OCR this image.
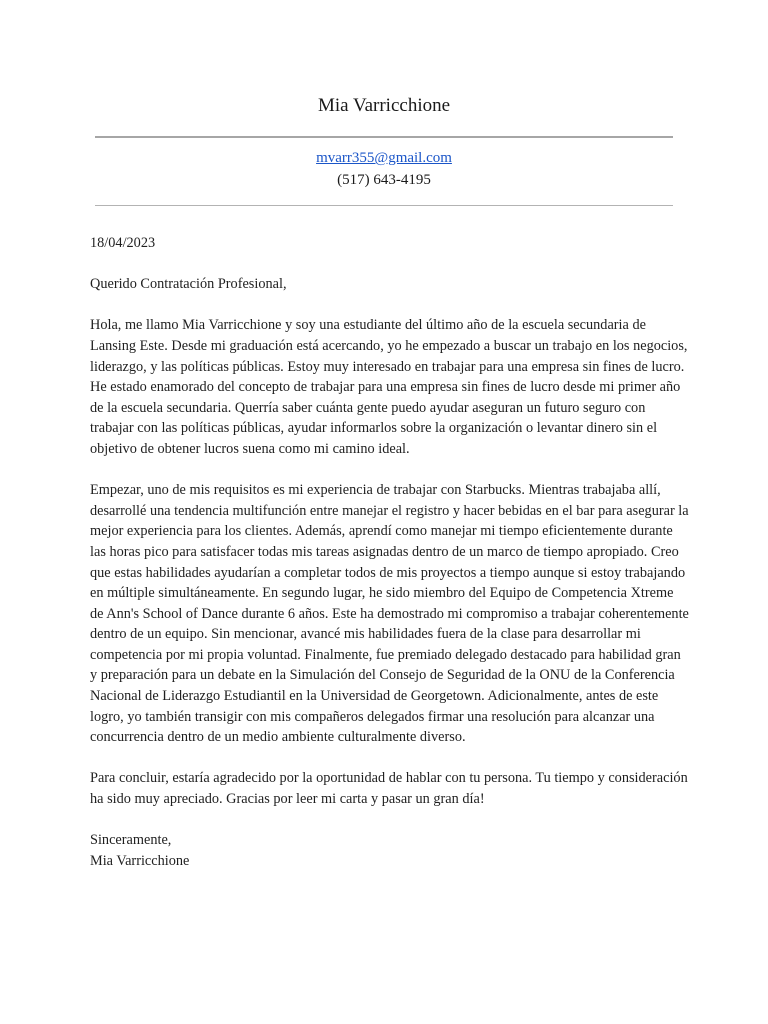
Mia Varricchione
mvarr355@gmail.com
(517) 643-4195

18/04/2023

Querido Contratación Profesional,

Hola, me llamo Mia Varricchione y soy una estudiante del último año de la escuela secundaria de Lansing Este. Desde mi graduación está acercando, yo he empezado a buscar un trabajo en los negocios, liderazgo, y las políticas públicas. Estoy muy interesado en trabajar para una empresa sin fines de lucro. He estado enamorado del concepto de trabajar para una empresa sin fines de lucro desde mi primer año de la escuela secundaria. Querría saber cuánta gente puedo ayudar aseguran un futuro seguro con trabajar con las políticas públicas, ayudar informarlos sobre la organización o levantar dinero sin el objetivo de obtener lucros suena como mi camino ideal.

Empezar, uno de mis requisitos es mi experiencia de trabajar con Starbucks. Mientras trabajaba allí, desarrollé una tendencia multifunción entre manejar el registro y hacer bebidas en el bar para asegurar la mejor experiencia para los clientes. Además, aprendí como manejar mi tiempo eficientemente durante las horas pico para satisfacer todas mis tareas asignadas dentro de un marco de tiempo apropiado. Creo que estas habilidades ayudarían a completar todos de mis proyectos a tiempo aunque si estoy trabajando en múltiple simultáneamente. En segundo lugar, he sido miembro del Equipo de Competencia Xtreme de Ann's School of Dance durante 6 años. Este ha demostrado mi compromiso a trabajar coherentemente dentro de un equipo. Sin mencionar, avancé mis habilidades fuera de la clase para desarrollar mi competencia por mi propia voluntad. Finalmente, fue premiado delegado destacado para habilidad gran y preparación para un debate en la Simulación del Consejo de Seguridad de la ONU de la Conferencia Nacional de Liderazgo Estudiantil en la Universidad de Georgetown. Adicionalmente, antes de este logro, yo también transigir con mis compañeros delegados firmar una resolución para alcanzar una concurrencia dentro de un medio ambiente culturalmente diverso.

Para concluir, estaría agradecido por la oportunidad de hablar con tu persona. Tu tiempo y consideración ha sido muy apreciado. Gracias por leer mi carta y pasar un gran día!

Sinceramente,

Mia Varricchione
